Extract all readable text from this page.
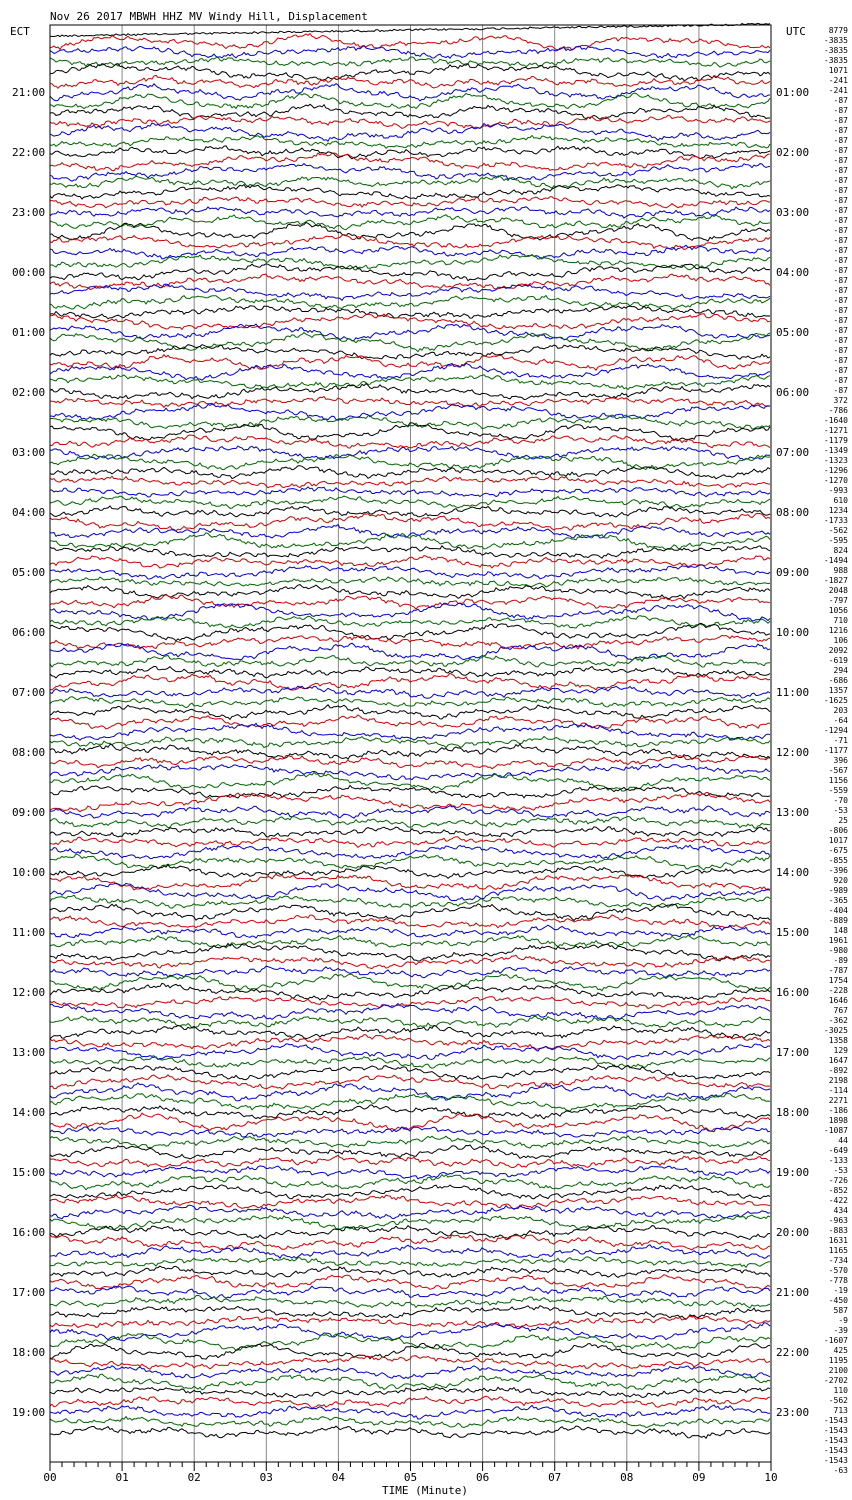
Nov 26 2017 MBWH HHZ MV Windy Hill, Displacement
ECT	UTC
21:00
22:00
23:00
00:00
01:00
02:00
03:00
04:00
05:00
06:00
07:00
08:00
09:00
10:00
11:00
12:00
13:00
14:00
15:00
16:00
17:00
18:00
19:00
01:00
02:00
03:00
04:00
05:00
06:00
07:00
08:00
09:00
10:00
11:00
12:00
13:00
14:00
15:00
16:00
17:00
18:00
19:00
20:00
21:00
22:00
23:00
8779
-3835
-3835
-3835
1071
-241
-241
-87
-87
-87
-87
-87
-87
-87
-87
-87
-87
-87
-87
-87
-87
-87
-87
-87
-87
-87
-87
-87
-87
-87
-87
-87
-87
-87
-87
-87
-87
372
-786
-1640
-1271
-1179
-1349
-1323
-1296
-1270
-993
610
1234
-1733
-562
-595
824
-1494
988
-1827
2048
-797
1056
710
1216
106
2092
-619
294
-686
1357
-1625
203
-64
-1294
-71
-1177
396
-567
1156
-559
-70
-53
25
-806
1017
-675
-855
-396
920
-989
-365
-404
-889
148
1961
-980
-89
-787
1754
-228
1646
767
-362
-3025
1358
129
1647
-892
2198
-114
2271
-186
1898
-1087
44
-649
-133
-53
-726
-852
-422
434
-963
-883
1631
1165
-734
-570
-778
-19
-450
587
-9
-39
-1607
425
1195
2100
-2702
110
-562
713
-1543
-1543
-1543
-1543
-1543
-63
00	01	02	03	04	05	06	07	08	09	10
TIME (Minute)
